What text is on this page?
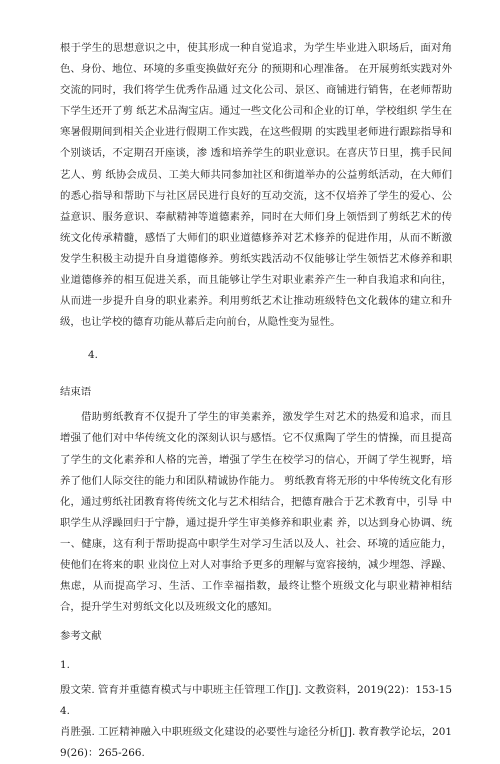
根于学生的思想意识之中，使其形成一种自觉追求，为学生毕业进入职场后，面对角色、身份、地位、环境的多重变换做好充分 的预期和心理准备。 在开展剪纸实践对外交流的同时，我们将学生优秀作品通 过文化公司、景区、商铺进行销售，在老师帮助下学生还开了剪 纸艺术品淘宝店。通过一些文化公司和企业的订单，学校组织 学生在寒暑假期间到相关企业进行假期工作实践，在这些假期 的实践里老师进行跟踪指导和个别谈话，不定期召开座谈，渗 透和培养学生的职业意识。在喜庆节日里，携手民间艺人、剪 纸协会成员、工美大师共同参加社区和街道举办的公益剪纸活动，在大师们的悉心指导和帮助下与社区居民进行良好的互动交流，这不仅培养了学生的爱心、公益意识、服务意识、奉献精神等道德素养，同时在大师们身上领悟到了剪纸艺术的传统文化传承精髓，感悟了大师们的职业道德修养对艺术修养的促进作用，从而不断激发学生积极主动提升自身道德修养。剪纸实践活动不仅能够让学生领悟艺术修养和职业道德修养的相互促进关系，而且能够让学生对职业素养产生一种自我追求和向往，从而进一步提升自身的职业素养。利用剪纸艺术让推动班级特色文化载体的建立和升级，也让学校的德育功能从幕后走向前台，从隐性变为显性。

4.

结束语

借助剪纸教育不仅提升了学生的审美素养，激发学生对艺术的热爱和追求，而且增强了他们对中华传统文化的深刻认识与感悟。它不仅熏陶了学生的情操，而且提高了学生的文化素养和人格的完善，增强了学生在校学习的信心，开阔了学生视野，培养了他们人际交往的能力和团队精诚协作能力。 剪纸教育将无形的中华传统文化有形化，通过剪纸社团教育将传统文化与艺术相结合，把德育融合于艺术教育中，引导 中职学生从浮躁回归于宁静，通过提升学生审美修养和职业素 养，以达到身心协调、统一、健康，这有利于帮助提高中职学生对学习生活以及人、社会、环境的适应能力，使他们在将来的职 业岗位上对人对事给予更多的理解与宽容接纳，减少埋怨、浮躁、焦虑，从而提高学习、生活、工作幸福指数，最终让整个班级文化与职业精神相结合，提升学生对剪纸文化以及班级文化的感知。

参考文献

1.

殷文荣. 管育并重德育模式与中职班主任管理工作[J]. 文教资料，2019(22)：153-154.

肖胜强. 工匠精神融入中职班级文化建设的必要性与途径分析[J]. 教育教学论坛，2019(26)：265-266.
